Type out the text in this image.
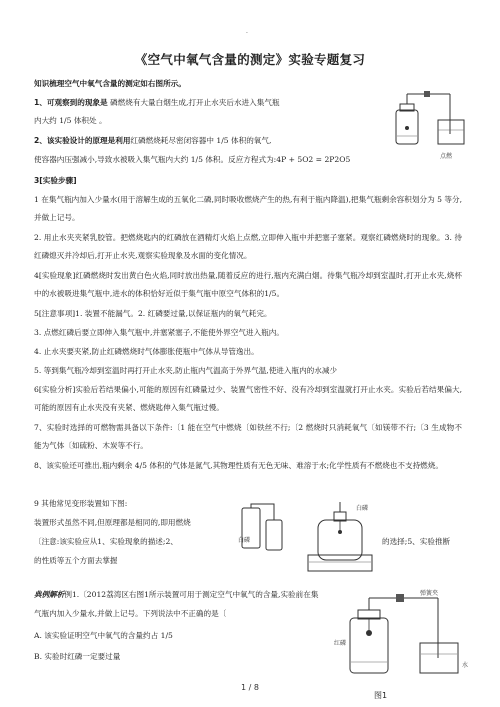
·
《空气中氧气含量的测定》实验专题复习
知识梳理空气中氧气含量的测定如右图所示。
1、可观察到的现象是 磷燃烧有大量白烟生成,打开止水夹后水进入集气瓶
内大约 1/5 体积处 。
2、该实验设计的原理是利用红磷燃烧耗尽密闭容器中 1/5 体积的氧气,
使容器内压强减小,导致水被吸入集气瓶内大约 1/5 体积。反应方程式为:4P + 5O2 = 2P2O5	点燃
3[实验步骤]
1 在集气瓶内加入少量水(用于溶解生成的五氧化二磷,同时吸收燃烧产生的热,有利于瓶内降温),把集气瓶剩余容积划分为 5 等分,并做上记号。
2. 用止水夹夹紧乳胶管。把燃烧匙内的红磷放在酒精灯火焰上点燃,立即伸入瓶中并把塞子塞紧。观察红磷燃烧时的现象。3. 待红磷熄灭并冷却后,打开止水夹,观察实验现象及水面的变化情况。
4[实验现象]红磷燃烧时发出黄白色火焰,同时放出热量,随着反应的进行,瓶内充满白烟。待集气瓶冷却到室温时,打开止水夹,烧杯中的水被吸进集气瓶中,进水的体积恰好近似于集气瓶中原空气体积的1/5。
5[注意事项]1. 装置不能漏气。2. 红磷要过量,以保证瓶内的氧气耗完。
3. 点燃红磷后要立即伸入集气瓶中,并塞紧塞子,不能使外界空气进入瓶内。
4. 止水夹要夹紧,防止红磷燃烧时气体膨胀使瓶中气体从导管逸出。
5. 等到集气瓶冷却到室温时再打开止水夹,防止瓶内气温高于外界气温,使进入瓶内的水减少
6[实验分析]实验后若结果偏小,可能的原因有红磷量过少、装置气密性不好、没有冷却到室温就打开止水夹。实验后若结果偏大,可能的原因有止水夹没有夹紧、燃烧匙伸入集气瓶过慢。
7、实验时选择的可燃物需具备以下条件:〔1 能在空气中燃烧〔如铁丝不行;〔2 燃烧时只消耗氧气〔如镁带不行;〔3 生成物不能为气体〔如硫粉、木炭等不行。
8、该实验还可推出,瓶内剩余 4/5 体积的气体是氮气,其物理性质有无色无味、难溶于水;化学性质有不燃烧也不支持燃烧。
9 其他常见变形装置如下图:
装置形式虽然不同,但原理都是相同的,即用燃烧
〔注意:该实验应从1、实验现象的描述;2、	的选择;5、实验推断
的性质等五个方面去掌握
白磷
白磷
典例解析例1.〔2012荔湾区右图1所示装置可用于测定空气中氧气的含量,实验前在集
气瓶内加入少量水,并做上记号。下列说法中不正确的是〔
A. 该实验证明空气中氧气的含量约占 1/5
B. 实验时红磷一定要过量
弹簧夹
红磷
水
图1
1 / 8
